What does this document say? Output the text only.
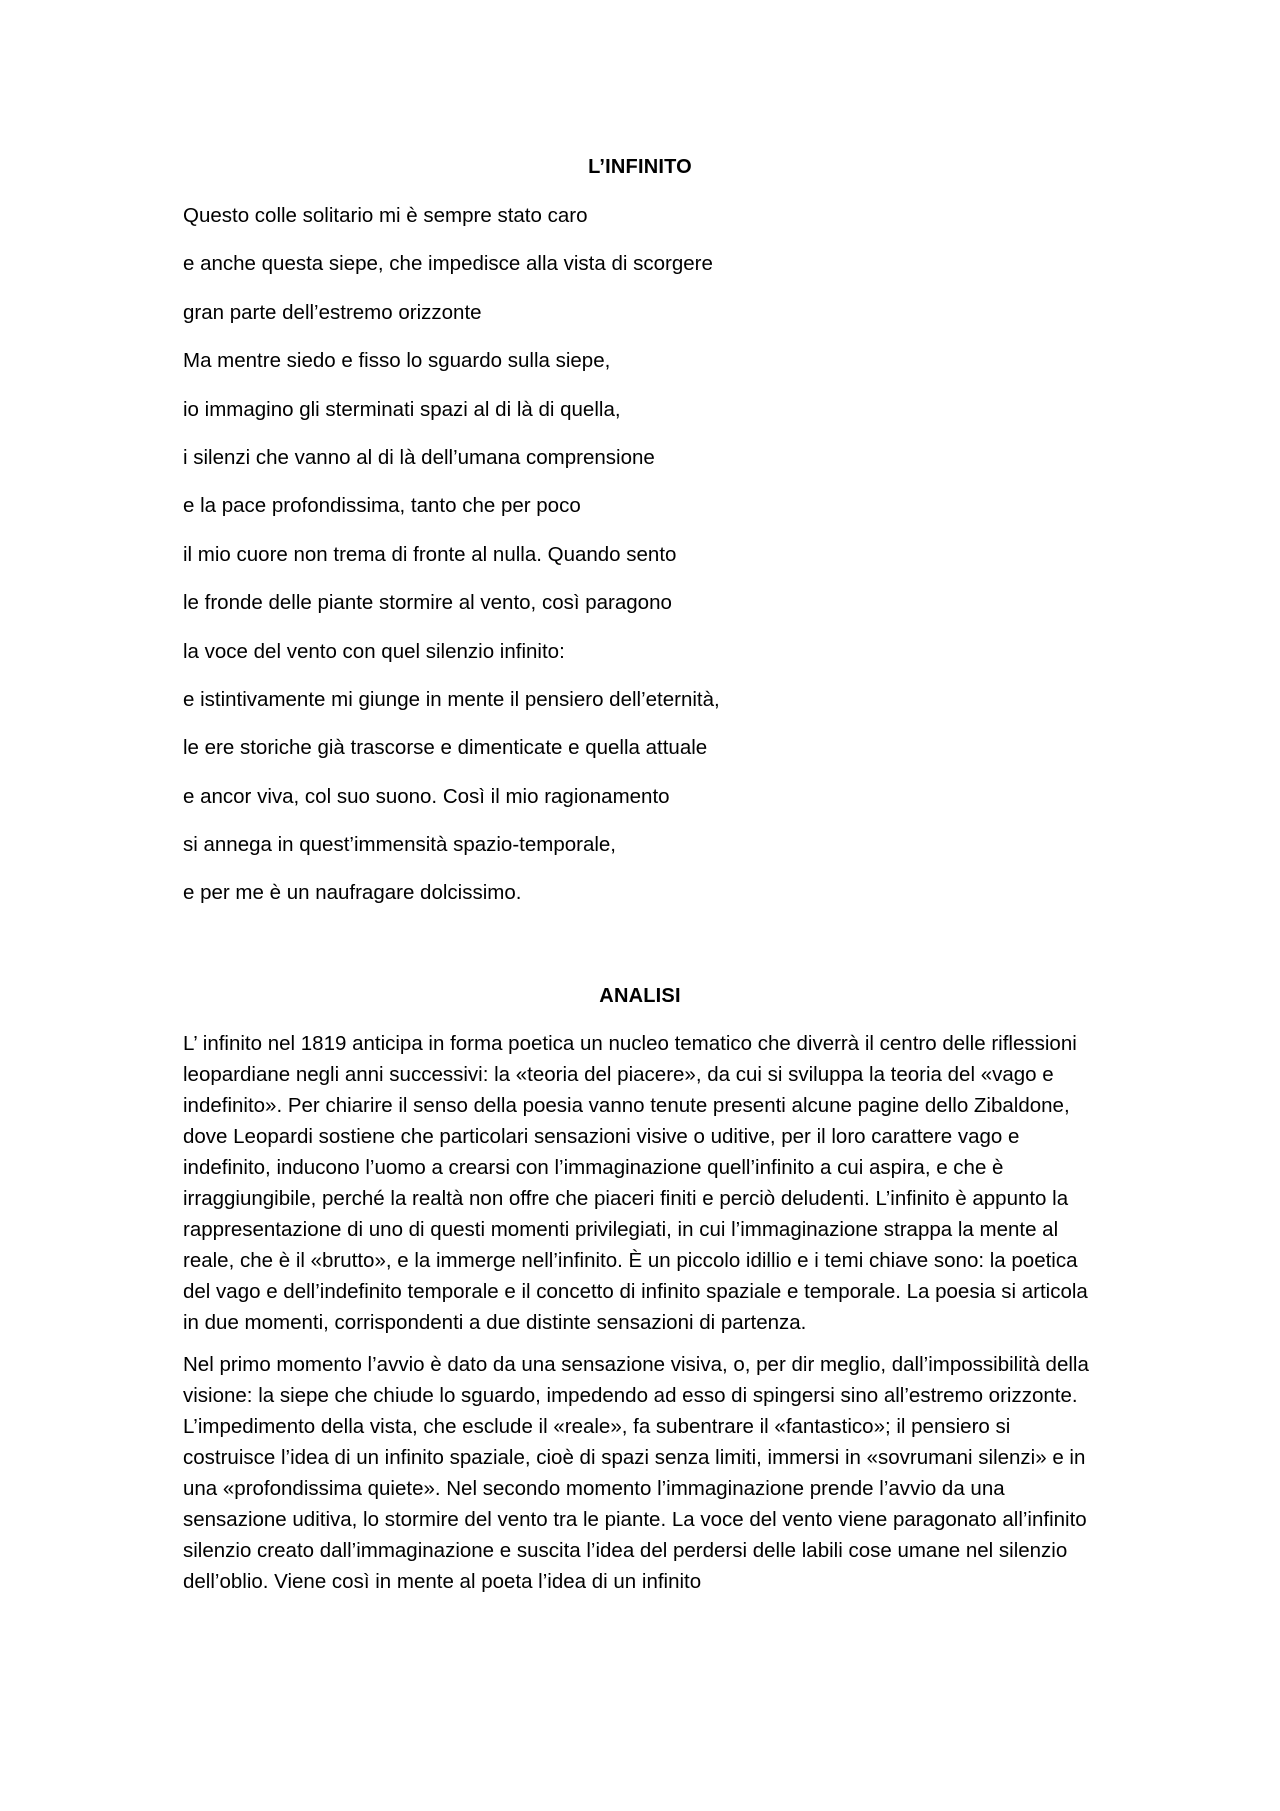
L’INFINITO
Questo colle solitario mi è sempre stato caro
e anche questa siepe, che impedisce alla vista di scorgere
gran parte dell’estremo orizzonte
Ma mentre siedo e fisso lo sguardo sulla siepe,
io immagino gli sterminati spazi al di là di quella,
i silenzi che vanno al di là dell’umana comprensione
e la pace profondissima, tanto che per poco
il mio cuore non trema di fronte al nulla. Quando sento
le fronde delle piante stormire al vento, così paragono
la voce del vento con quel silenzio infinito:
e istintivamente mi giunge in mente il pensiero dell’eternità,
le ere storiche già trascorse e dimenticate e quella attuale
e ancor viva, col suo suono. Così il mio ragionamento
si annega in quest’immensità spazio-temporale,
e per me è un naufragare dolcissimo.
ANALISI

L’ infinito nel 1819 anticipa in forma poetica un nucleo tematico che diverrà il centro delle riflessioni leopardiane negli anni successivi: la «teoria del piacere», da cui si sviluppa la teoria del «vago e indefinito». Per chiarire il senso della poesia vanno tenute presenti alcune pagine dello Zibaldone, dove Leopardi sostiene che particolari sensazioni visive o uditive, per il loro carattere vago e indefinito, inducono l’uomo a crearsi con l’immaginazione quell’infinito a cui aspira, e che è irraggiungibile, perché la realtà non offre che piaceri finiti e perciò deludenti. L’infinito è appunto la rappresentazione di uno di questi momenti privilegiati, in cui l’immaginazione strappa la mente al reale, che è il «brutto», e la immerge nell’infinito. È un piccolo idillio e i temi chiave sono: la poetica del vago e dell’indefinito temporale e il concetto di infinito spaziale e temporale. La poesia si articola in due momenti, corrispondenti a due distinte sensazioni di partenza.

Nel primo momento l’avvio è dato da una sensazione visiva, o, per dir meglio, dall’impossibilità della visione: la siepe che chiude lo sguardo, impedendo ad esso di spingersi sino all’estremo orizzonte. L’impedimento della vista, che esclude il «reale», fa subentrare il «fantastico»; il pensiero si costruisce l’idea di un infinito spaziale, cioè di spazi senza limiti, immersi in «sovrumani silenzi» e in una «profondissima quiete». Nel secondo momento l’immaginazione prende l’avvio da una sensazione uditiva, lo stormire del vento tra le piante. La voce del vento viene paragonato all’infinito silenzio creato dall’immaginazione e suscita l’idea del perdersi delle labili cose umane nel silenzio dell’oblio. Viene così in mente al poeta l’idea di un infinito
